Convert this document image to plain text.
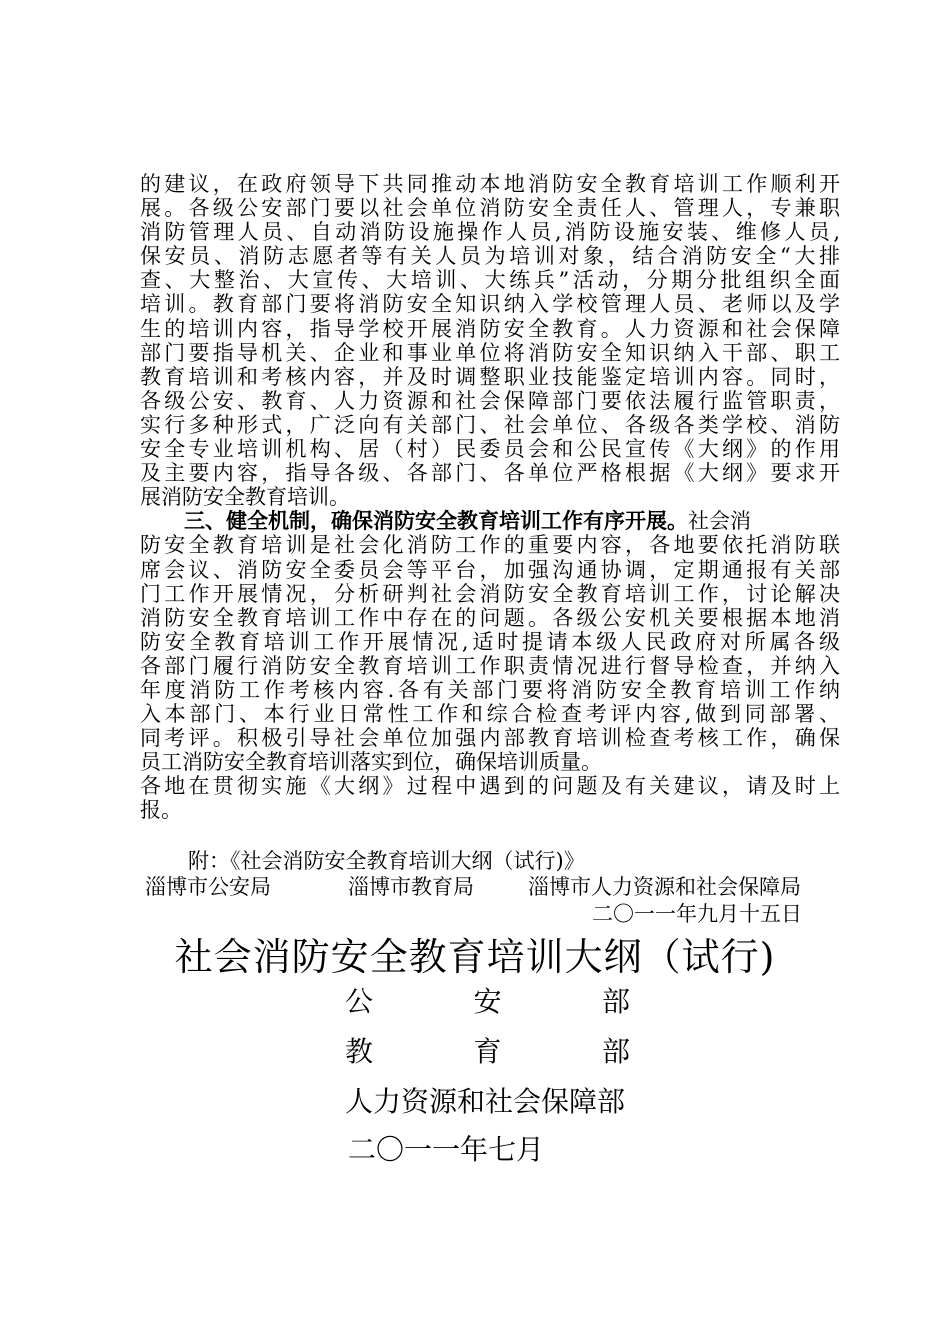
的建议，在政府领导下共同推动本地消防安全教育培训工作顺利开
展。各级公安部门要以社会单位消防安全责任人、管理人，专兼职
消防管理人员、自动消防设施操作人员,消防设施安装、维修人员,
保安员、消防志愿者等有关人员为培训对象，结合消防安全“大排
查、大整治、大宣传、大培训、大练兵”活动，分期分批组织全面
培训。教育部门要将消防安全知识纳入学校管理人员、老师以及学
生的培训内容，指导学校开展消防安全教育。人力资源和社会保障
部门要指导机关、企业和事业单位将消防安全知识纳入干部、职工
教育培训和考核内容，并及时调整职业技能鉴定培训内容。同时，
各级公安、教育、人力资源和社会保障部门要依法履行监管职责，
实行多种形式，广泛向有关部门、社会单位、各级各类学校、消防
安全专业培训机构、居（村）民委员会和公民宣传《大纲》的作用
及主要内容，指导各级、各部门、各单位严格根据《大纲》要求开
展消防安全教育培训。
三、健全机制，确保消防安全教育培训工作有序开展。社会消
防安全教育培训是社会化消防工作的重要内容，各地要依托消防联
席会议、消防安全委员会等平台，加强沟通协调，定期通报有关部
门工作开展情况，分析研判社会消防安全教育培训工作，讨论解决
消防安全教育培训工作中存在的问题。各级公安机关要根据本地消
防安全教育培训工作开展情况,适时提请本级人民政府对所属各级
各部门履行消防安全教育培训工作职责情况进行督导检查，并纳入
年度消防工作考核内容.各有关部门要将消防安全教育培训工作纳
入本部门、本行业日常性工作和综合检查考评内容,做到同部署、
同考评。积极引导社会单位加强内部教育培训检查考核工作，确保
员工消防安全教育培训落实到位，确保培训质量。
各地在贯彻实施《大纲》过程中遇到的问题及有关建议，请及时上
报。
附：《社会消防安全教育培训大纲（试行)》
淄博市公安局	淄博市教育局	淄博市人力资源和社会保障局
二〇一一年九月十五日
社会消防安全教育培训大纲（试行)
公	安	部
教	育	部
人力资源和社会保障部
二〇一一年七月
